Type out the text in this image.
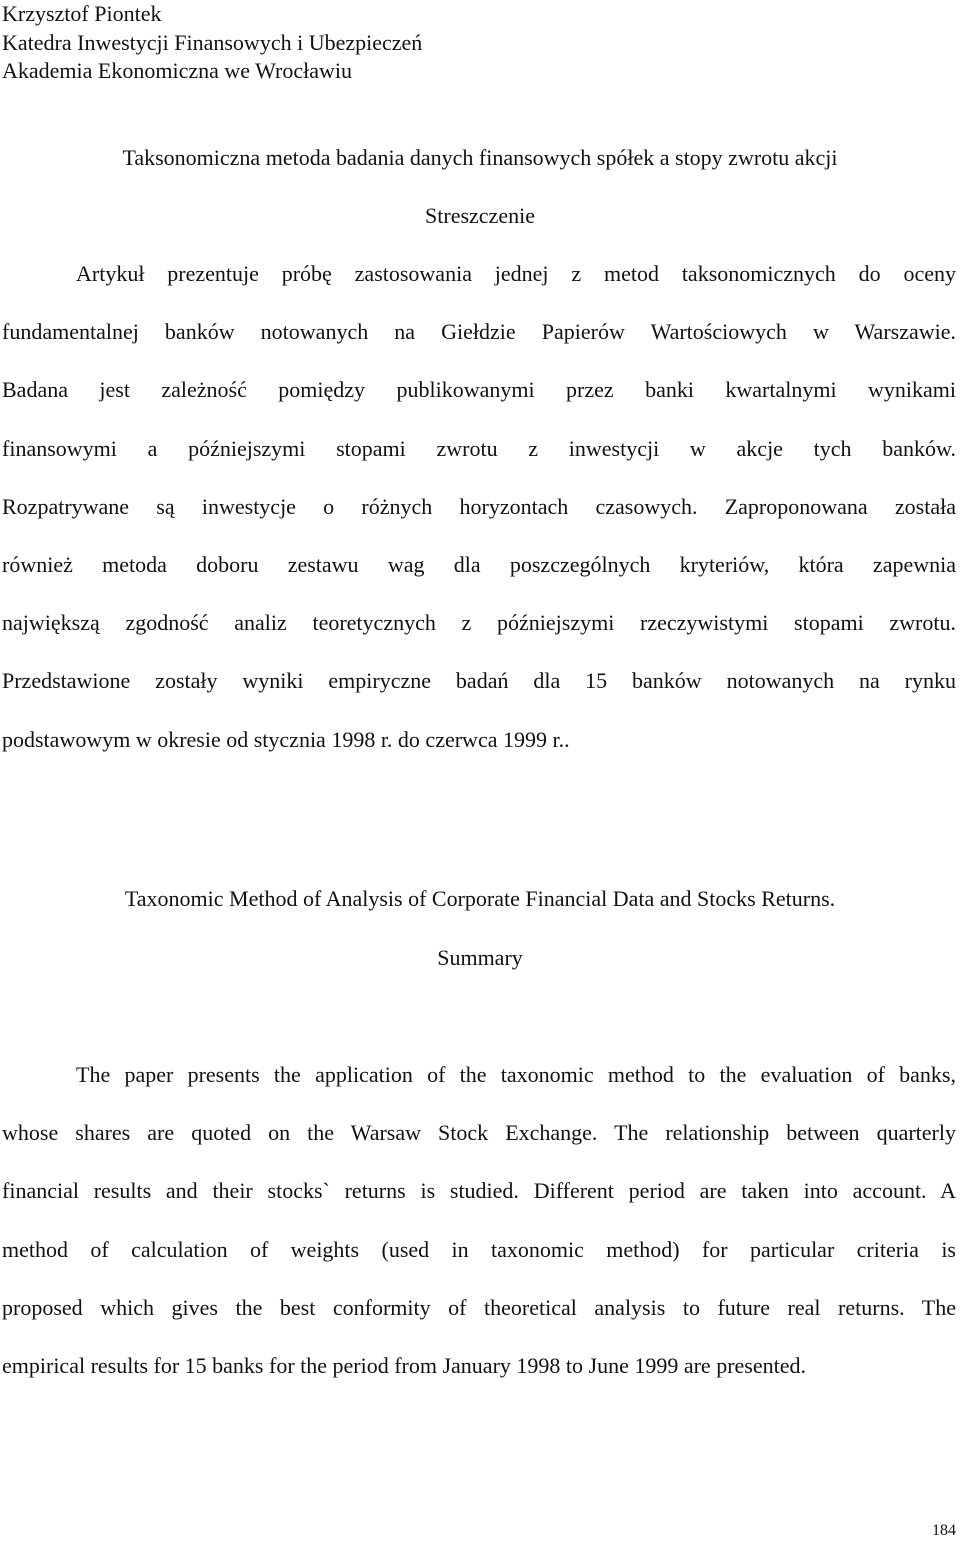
Krzysztof Piontek
Katedra Inwestycji Finansowych i Ubezpieczeń
Akademia Ekonomiczna we Wrocławiu
Taksonomiczna metoda badania danych finansowych spółek a stopy zwrotu akcji
Streszczenie
Artykuł prezentuje próbę zastosowania jednej z metod taksonomicznych do oceny
fundamentalnej banków notowanych na Giełdzie Papierów Wartościowych w Warszawie.
Badana jest zależność pomiędzy publikowanymi przez banki kwartalnymi wynikami
finansowymi a późniejszymi stopami zwrotu z inwestycji w akcje tych banków.
Rozpatrywane są inwestycje o różnych horyzontach czasowych. Zaproponowana została
również metoda doboru zestawu wag dla poszczególnych kryteriów, która zapewnia
największą zgodność analiz teoretycznych z późniejszymi rzeczywistymi stopami zwrotu.
Przedstawione zostały wyniki empiryczne badań dla 15 banków notowanych na rynku
podstawowym w okresie od stycznia 1998 r. do czerwca 1999 r..
Taxonomic Method of Analysis of Corporate Financial Data and Stocks Returns.
Summary
The paper presents the application of the taxonomic method to the evaluation of banks,
whose shares are quoted on the Warsaw Stock Exchange. The relationship between quarterly
financial results and their stocks` returns is studied. Different period are taken into account. A
method of calculation of weights (used in taxonomic method) for particular criteria is
proposed which gives the best conformity of theoretical analysis to future real returns. The
empirical results for 15 banks for the period from January 1998 to June 1999 are presented.
184
